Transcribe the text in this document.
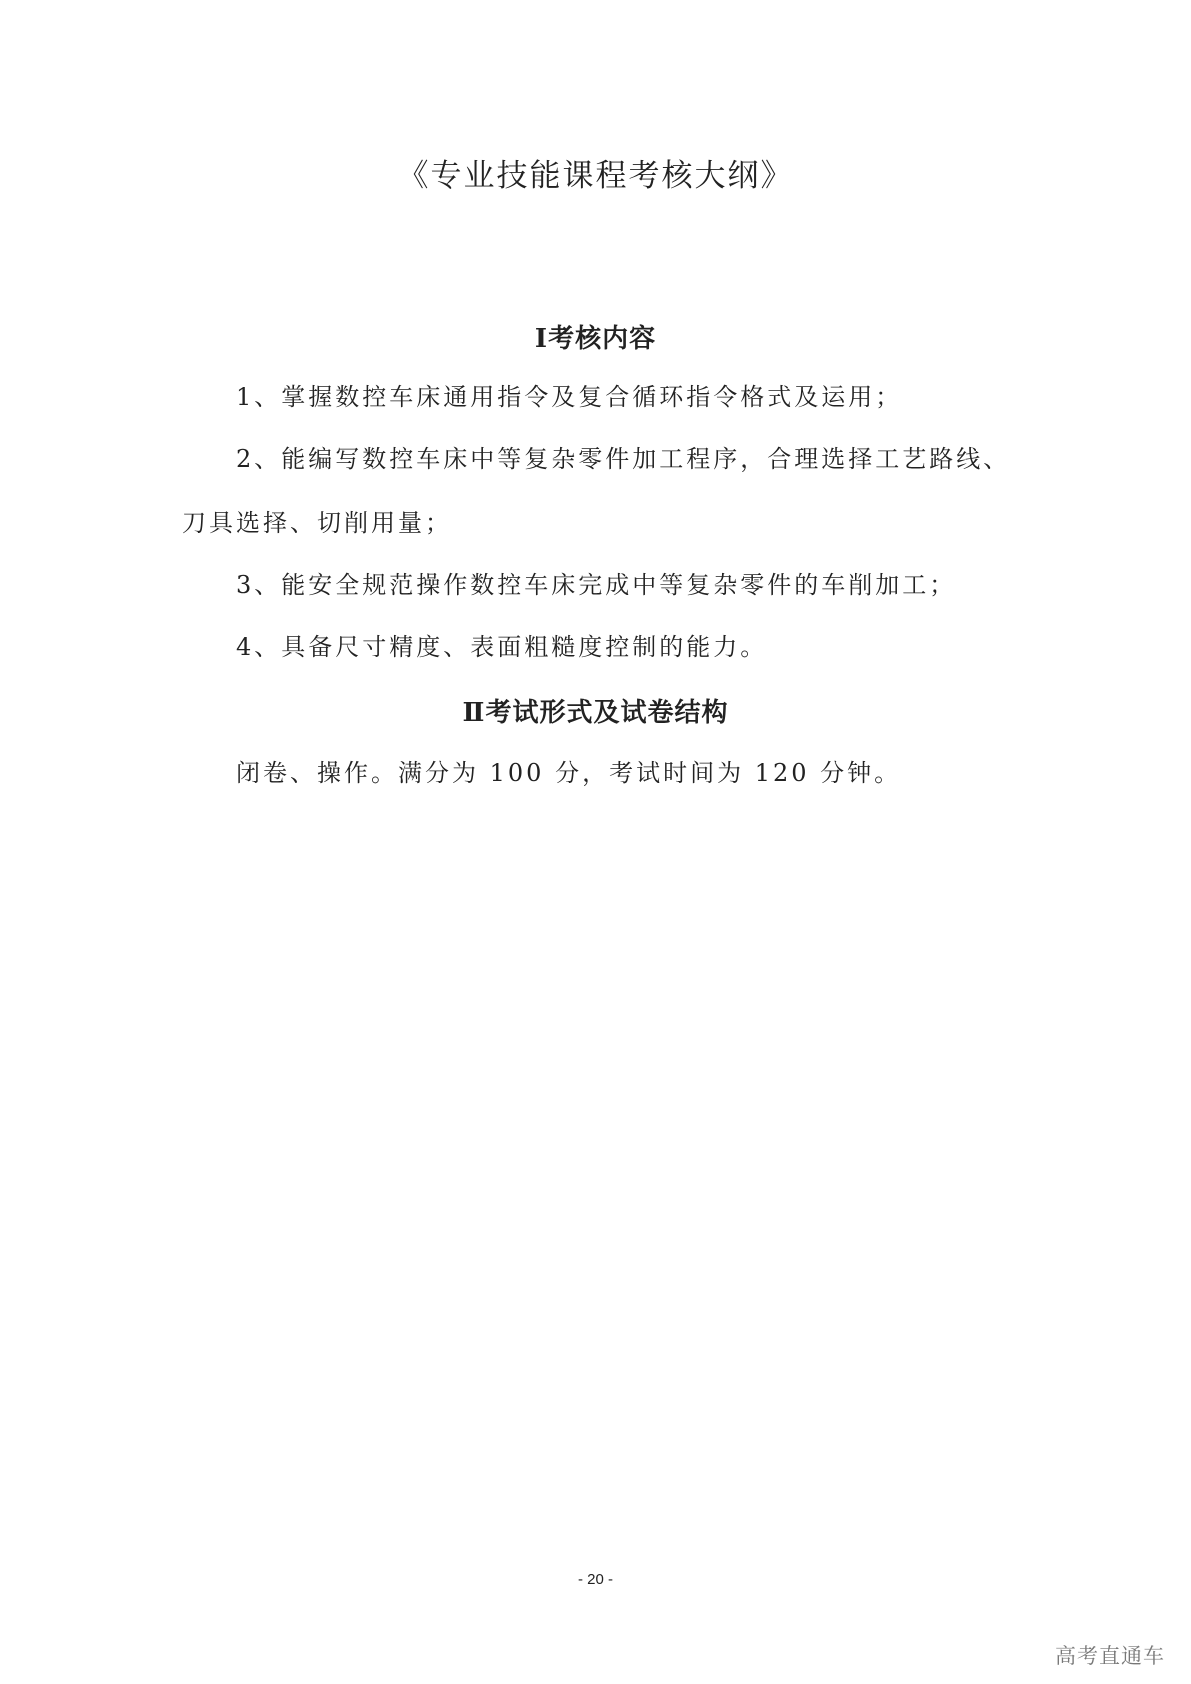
《专业技能课程考核大纲》
Ⅰ考核内容
1、掌握数控车床通用指令及复合循环指令格式及运用；
2、能编写数控车床中等复杂零件加工程序，合理选择工艺路线、
刀具选择、切削用量；
3、能安全规范操作数控车床完成中等复杂零件的车削加工；
4、具备尺寸精度、表面粗糙度控制的能力。
Ⅱ考试形式及试卷结构
闭卷、操作。满分为 100 分，考试时间为 120 分钟。
- 20 -
高考直通车
